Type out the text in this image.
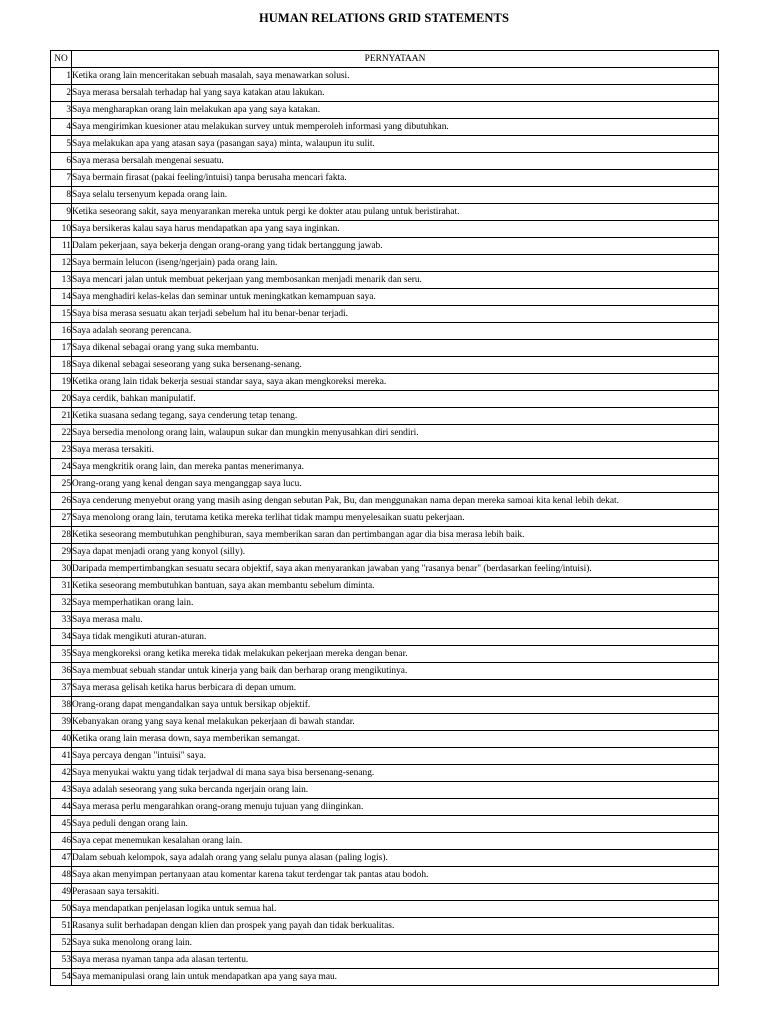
HUMAN RELATIONS GRID STATEMENTS
NO	PERNYATAAN
1	Ketika orang lain menceritakan sebuah masalah, saya menawarkan solusi.
2	Saya merasa bersalah terhadap hal yang saya katakan atau lakukan.
3	Saya mengharapkan orang lain melakukan apa yang saya katakan.
4	Saya mengirimkan kuesioner atau melakukan survey untuk memperoleh informasi yang dibutuhkan.
5	Saya melakukan apa yang atasan saya (pasangan saya) minta, walaupun itu sulit.
6	Saya merasa bersalah mengenai sesuatu.
7	Saya bermain firasat (pakai feeling/intuisi) tanpa berusaha mencari fakta.
8	Saya selalu tersenyum kepada orang lain.
9	Ketika seseorang sakit, saya menyarankan mereka untuk pergi ke dokter atau pulang untuk beristirahat.
10	Saya bersikeras kalau saya harus mendapatkan apa yang saya inginkan.
11	Dalam pekerjaan, saya bekerja dengan orang-orang yang tidak bertanggung jawab.
12	Saya bermain lelucon (iseng/ngerjain) pada orang lain.
13	Saya mencari jalan untuk membuat pekerjaan yang membosankan menjadi menarik dan seru.
14	Saya menghadiri kelas-kelas dan seminar untuk meningkatkan kemampuan saya.
15	Saya bisa merasa sesuatu akan terjadi sebelum hal itu benar-benar terjadi.
16	Saya adalah seorang perencana.
17	Saya dikenal sebagai orang yang suka membantu.
18	Saya dikenal sebagai seseorang yang suka bersenang-senang.
19	Ketika orang lain tidak bekerja sesuai standar saya, saya akan mengkoreksi mereka.
20	Saya cerdik, bahkan manipulatif.
21	Ketika suasana sedang tegang, saya cenderung tetap tenang.
22	Saya bersedia menolong orang lain, walaupun sukar dan mungkin menyusahkan diri sendiri.
23	Saya merasa tersakiti.
24	Saya mengkritik orang lain, dan mereka pantas menerimanya.
25	Orang-orang yang kenal dengan saya menganggap saya lucu.
26	Saya cenderung menyebut orang yang masih asing dengan sebutan Pak, Bu, dan menggunakan nama depan mereka samoai kita kenal lebih dekat.
27	Saya menolong orang lain, terutama ketika mereka terlihat tidak mampu menyelesaikan suatu pekerjaan.
28	Ketika seseorang membutuhkan penghiburan, saya memberikan saran dan pertimbangan agar dia bisa merasa lebih baik.
29	Saya dapat menjadi orang yang konyol (silly).
30	Daripada mempertimbangkan sesuatu secara objektif, saya akan menyarankan jawaban yang "rasanya benar" (berdasarkan feeling/intuisi).
31	Ketika seseorang membutuhkan bantuan, saya akan membantu sebelum diminta.
32	Saya memperhatikan orang lain.
33	Saya merasa malu.
34	Saya tidak mengikuti aturan-aturan.
35	Saya mengkoreksi orang ketika mereka tidak melakukan pekerjaan mereka dengan benar.
36	Saya membuat sebuah standar untuk kinerja yang baik dan berharap orang mengikutinya.
37	Saya merasa gelisah ketika harus berbicara di depan umum.
38	Orang-orang dapat mengandalkan saya untuk bersikap objektif.
39	Kebanyakan orang yang saya kenal melakukan pekerjaan di bawah standar.
40	Ketika orang lain merasa down, saya memberikan semangat.
41	Saya percaya dengan "intuisi" saya.
42	Saya menyukai waktu yang tidak terjadwal di mana saya bisa bersenang-senang.
43	Saya adalah seseorang yang suka bercanda ngerjain orang lain.
44	Saya merasa perlu mengarahkan orang-orang menuju tujuan yang diinginkan.
45	Saya peduli dengan orang lain.
46	Saya cepat menemukan kesalahan orang lain.
47	Dalam sebuah kelompok, saya adalah orang yang selalu punya alasan (paling logis).
48	Saya akan menyimpan pertanyaan atau komentar karena takut terdengar tak pantas atau bodoh.
49	Perasaan saya tersakiti.
50	Saya mendapatkan penjelasan logika untuk semua hal.
51	Rasanya sulit berhadapan dengan klien dan prospek yang payah dan tidak berkualitas.
52	Saya suka menolong orang lain.
53	Saya merasa nyaman tanpa ada alasan tertentu.
54	Saya memanipulasi orang lain untuk mendapatkan apa yang saya mau.
